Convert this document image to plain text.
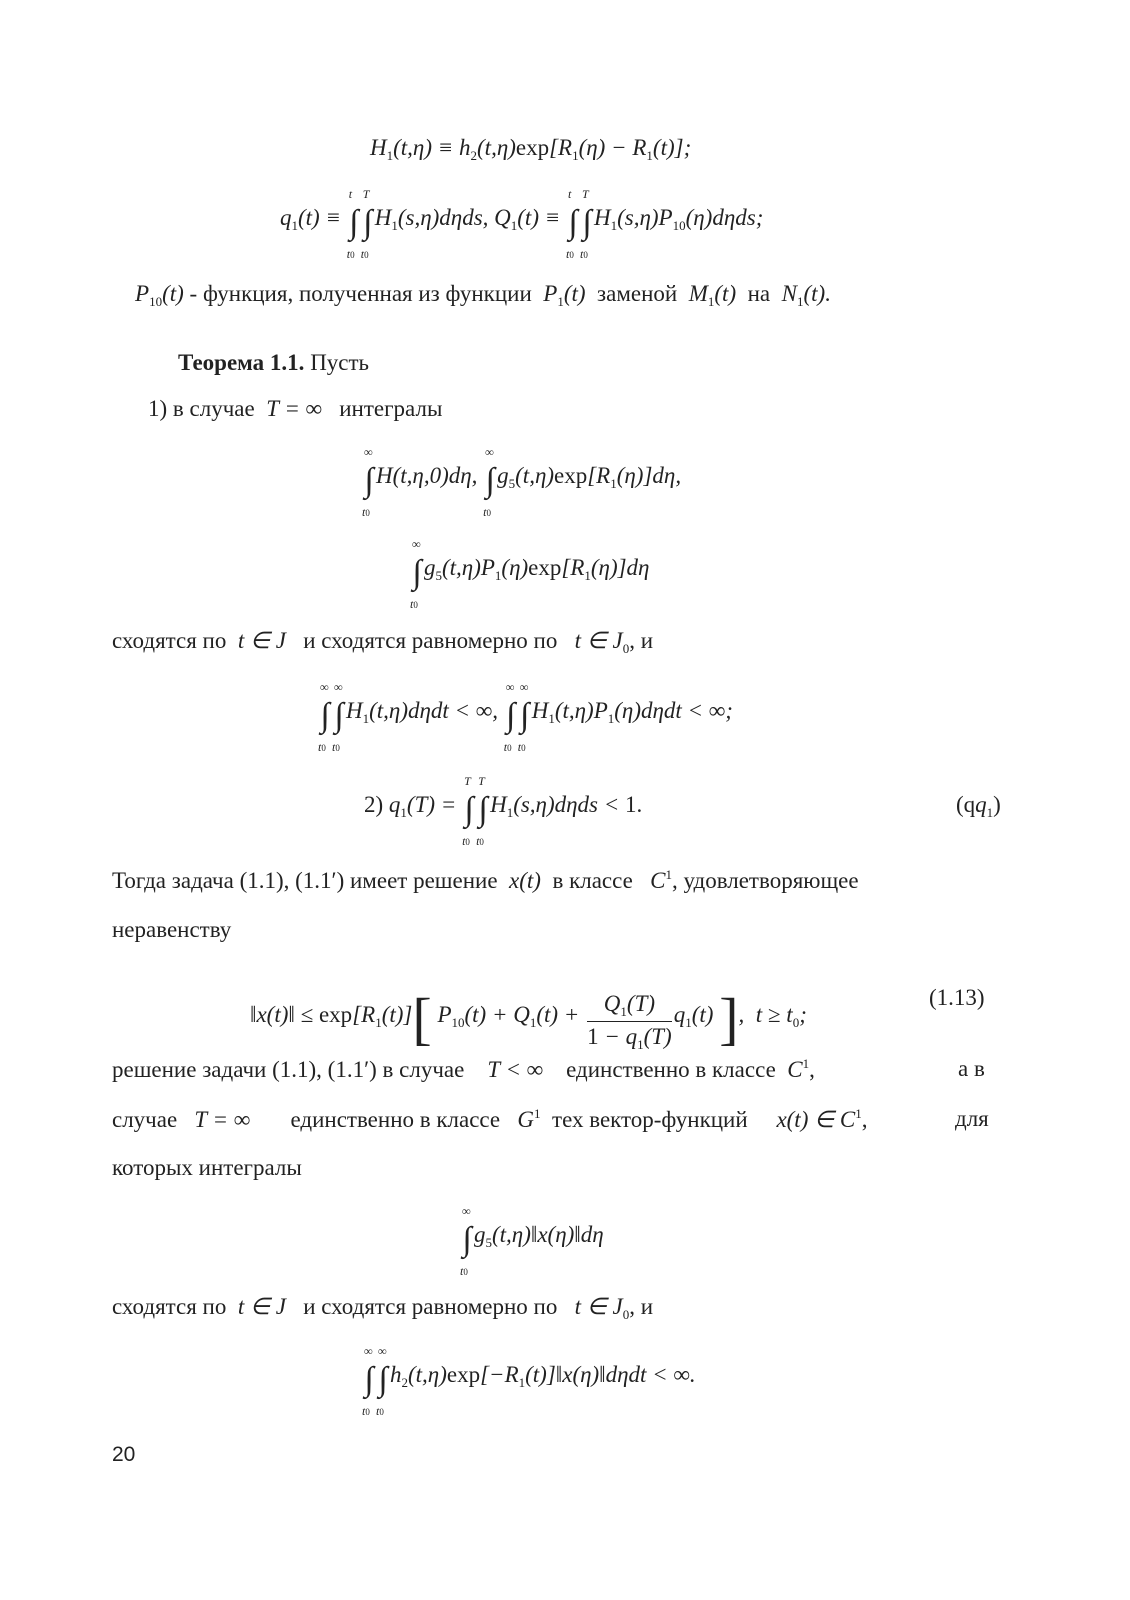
$H_1(t,\eta) \equiv h_2(t,\eta)\exp[R_1(\eta) - R_1(t)]$;
$q_1(t)$ ≡ ∫
t
t0
∫
T
t0
$H_1(s,\eta)d\eta ds$, $Q_1(t)$ ≡ ∫
t
t0
∫
T
t0
$H_1(s,\eta)P_{10}(\eta)d\eta ds$;
$P_{10}(t)$ - функция, полученная из функции  $P_1(t)$  заменой  $M_1(t)$  на  $N_1(t)$.
Теорема 1.1. Пусть
1) в случае  T = ∞   интегралы
∫
∞
t0
H(t,η,0)dη, ∫
∞
t0
$g_5(t,\eta)\exp[R_1(\eta)]d\eta$,
∫
∞
t0
$g_5(t,\eta)P_1(\eta)\exp[R_1(\eta)]d\eta$
сходятся по  t ∈ J   и сходятся равномерно по   t ∈ $J_0$, и
∫
∞
t0
∫
∞
t0
$H_1(t,\eta)d\eta dt$ < ∞, ∫
∞
t0
∫
∞
t0
$H_1(t,\eta)P_1(\eta)d\eta dt$ < ∞;
2) $q_1(T)$ = ∫
T
t0
∫
T
t0
$H_1(s,\eta)d\eta ds < 1$.	$(qq_1)$
Тогда задача (1.1), (1.1′) имеет решение  x(t)  в классе   $C^1$, удовлетворяющее
неравенству
‖x(t)‖ ≤ $\exp[R_1(t)]$[ $P_{10}(t) + Q_1(t) + \frac{Q_1(T)}{1 - q_1(T)} q_1(t)$ ],  $t \ge t_0$;
(1.13)
решение задачи (1.1), (1.1′) в случае    T < ∞    единственно в классе  $C^1$,	а в
случае   T = ∞       единственно в классе   $G^1$ тех вектор-функций     x(t) ∈ $C^1$,	для
которых интегралы
∫
∞
t0
$g_5(t,\eta)‖x(\eta)‖d\eta$
сходятся по  t ∈ J   и сходятся равномерно по   t ∈ $J_0$, и
∫
∞
t0
∫
∞
t0
$h_2(t,\eta)\exp[-R_1(t)]‖x(\eta)‖d\eta dt$ < ∞.
20
